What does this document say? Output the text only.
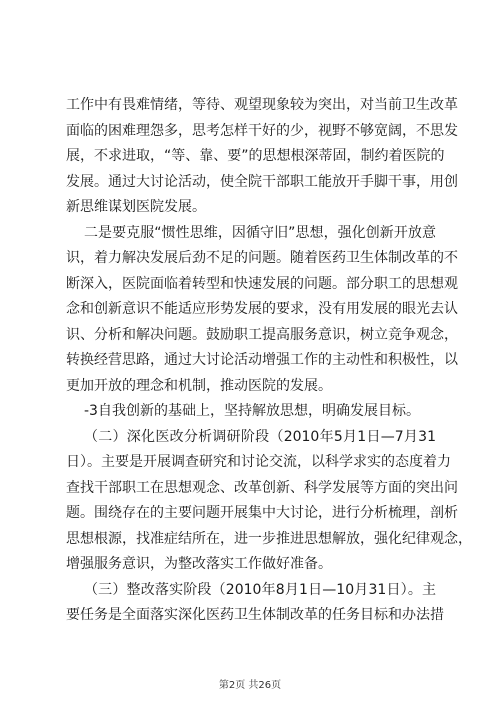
工作中有畏难情绪，等待、观望现象较为突出，对当前卫生改革
面临的困难理怨多，思考怎样干好的少，视野不够宽阔，不思发
展，不求进取，“等、靠、要”的思想根深蒂固，制约着医院的
发展。通过大讨论活动，使全院干部职工能放开手脚干事，用创
新思维谋划医院发展。
二是要克服“惯性思维，因循守旧”思想，强化创新开放意
识，着力解决发展后劲不足的问题。随着医药卫生体制改革的不
断深入，医院面临着转型和快速发展的问题。部分职工的思想观
念和创新意识不能适应形势发展的要求，没有用发展的眼光去认
识、分析和解决问题。鼓励职工提高服务意识，树立竞争观念，
转换经营思路，通过大讨论活动增强工作的主动性和积极性，以
更加开放的理念和机制，推动医院的发展。
-3自我创新的基础上，坚持解放思想，明确发展目标。
（二）深化医改分析调研阶段（2010年5月1日—7月31
日）。主要是开展调查研究和讨论交流，以科学求实的态度着力
查找干部职工在思想观念、改革创新、科学发展等方面的突出问
题。围绕存在的主要问题开展集中大讨论，进行分析梳理，剖析
思想根源，找准症结所在，进一步推进思想解放，强化纪律观念，
增强服务意识，为整改落实工作做好准备。
（三）整改落实阶段（2010年8月1日—10月31日）。主
要任务是全面落实深化医药卫生体制改革的任务目标和办法措
第2页 共26页
